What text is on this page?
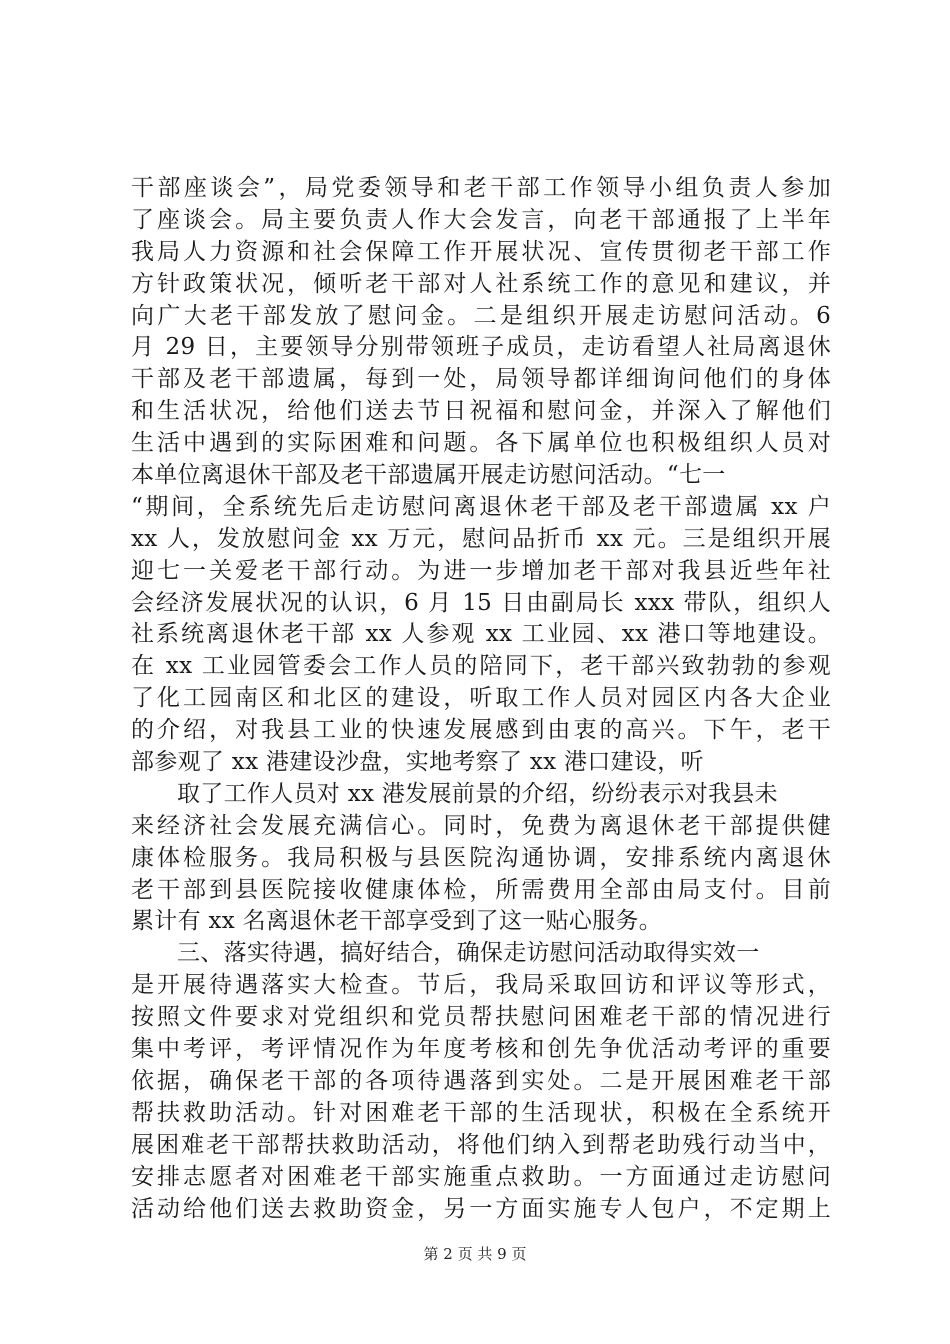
干部座谈会”，局党委领导和老干部工作领导小组负责人参加
了座谈会。局主要负责人作大会发言，向老干部通报了上半年
我局人力资源和社会保障工作开展状况、宣传贯彻老干部工作
方针政策状况，倾听老干部对人社系统工作的意见和建议，并
向广大老干部发放了慰问金。二是组织开展走访慰问活动。6
月 29 日，主要领导分别带领班子成员，走访看望人社局离退休
干部及老干部遗属，每到一处，局领导都详细询问他们的身体
和生活状况，给他们送去节日祝福和慰问金，并深入了解他们
生活中遇到的实际困难和问题。各下属单位也积极组织人员对
本单位离退休干部及老干部遗属开展走访慰问活动。“七一
“期间，全系统先后走访慰问离退休老干部及老干部遗属 xx 户
xx 人，发放慰问金 xx 万元，慰问品折币 xx 元。三是组织开展
迎七一关爱老干部行动。为进一步增加老干部对我县近些年社
会经济发展状况的认识，6 月 15 日由副局长 xxx 带队，组织人
社系统离退休老干部 xx 人参观 xx 工业园、xx 港口等地建设。
在 xx 工业园管委会工作人员的陪同下，老干部兴致勃勃的参观
了化工园南区和北区的建设，听取工作人员对园区内各大企业
的介绍，对我县工业的快速发展感到由衷的高兴。下午，老干
部参观了 xx 港建设沙盘，实地考察了 xx 港口建设，听
取了工作人员对 xx 港发展前景的介绍，纷纷表示对我县未
来经济社会发展充满信心。同时，免费为离退休老干部提供健
康体检服务。我局积极与县医院沟通协调，安排系统内离退休
老干部到县医院接收健康体检，所需费用全部由局支付。目前
累计有 xx 名离退休老干部享受到了这一贴心服务。
三、落实待遇，搞好结合，确保走访慰问活动取得实效一
是开展待遇落实大检查。节后，我局采取回访和评议等形式，
按照文件要求对党组织和党员帮扶慰问困难老干部的情况进行
集中考评，考评情况作为年度考核和创先争优活动考评的重要
依据，确保老干部的各项待遇落到实处。二是开展困难老干部
帮扶救助活动。针对困难老干部的生活现状，积极在全系统开
展困难老干部帮扶救助活动，将他们纳入到帮老助残行动当中，
安排志愿者对困难老干部实施重点救助。一方面通过走访慰问
活动给他们送去救助资金，另一方面实施专人包户，不定期上
第 2 页 共 9 页
